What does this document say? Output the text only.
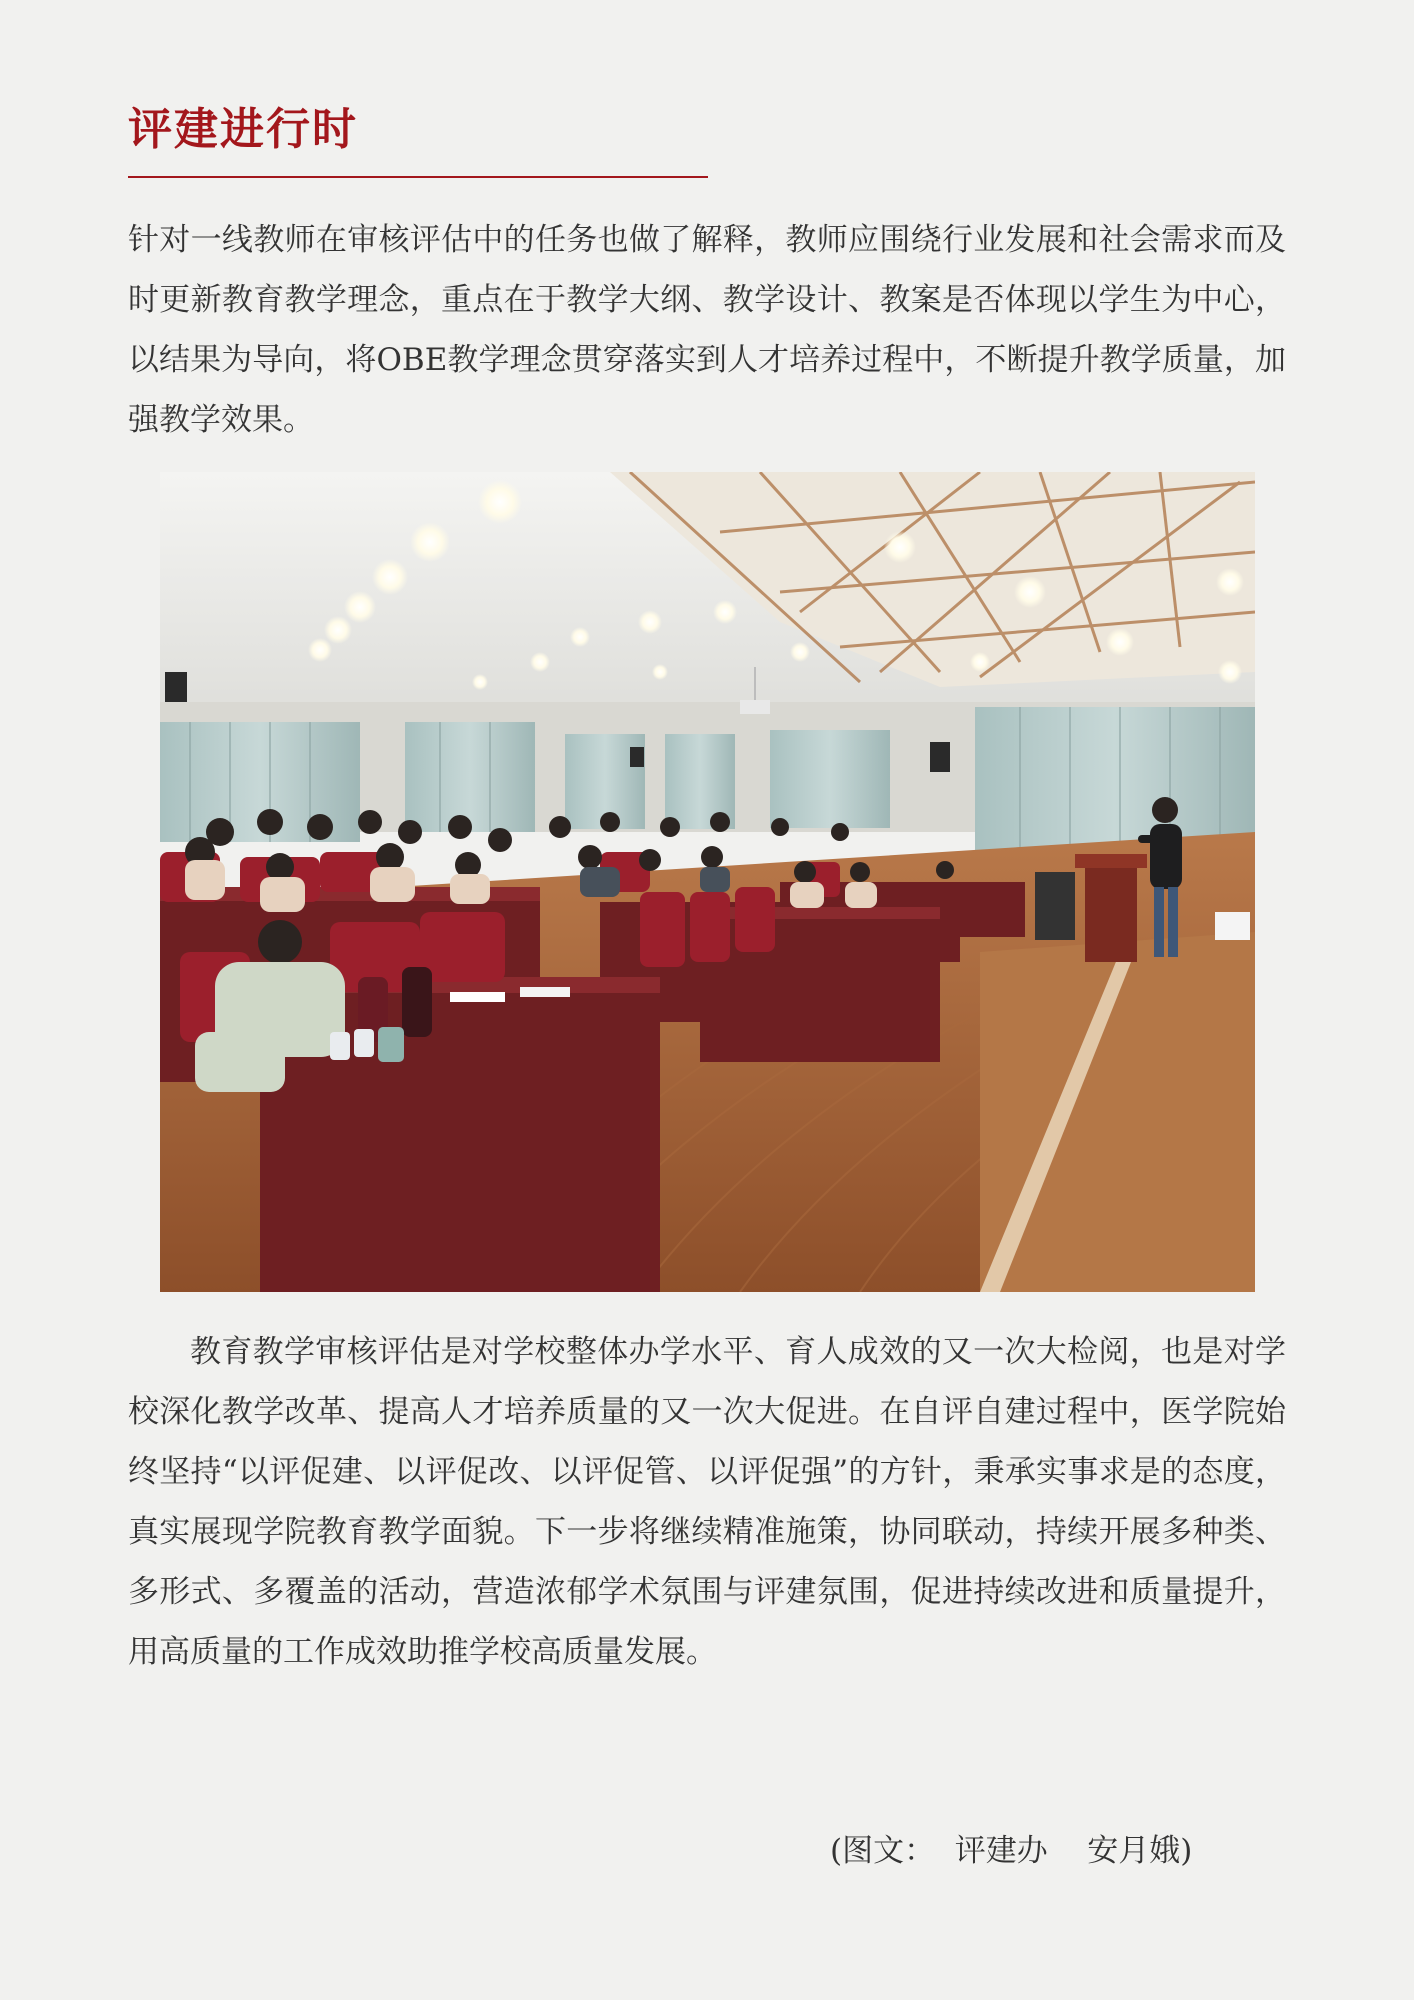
评建进行时

针对一线教师在审核评估中的任务也做了解释，教师应围绕行业发展和社会需求而及时更新教育教学理念，重点在于教学大纲、教学设计、教案是否体现以学生为中心，以结果为导向，将OBE教学理念贯穿落实到人才培养过程中，不断提升教学质量，加强教学效果。

教育教学审核评估是对学校整体办学水平、育人成效的又一次大检阅，也是对学校深化教学改革、提高人才培养质量的又一次大促进。在自评自建过程中，医学院始终坚持“以评促建、以评促改、以评促管、以评促强”的方针，秉承实事求是的态度，真实展现学院教育教学面貌。下一步将继续精准施策，协同联动，持续开展多种类、多形式、多覆盖的活动，营造浓郁学术氛围与评建氛围，促进持续改进和质量提升，用高质量的工作成效助推学校高质量发展。

(图文：  评建办    安月娥)
